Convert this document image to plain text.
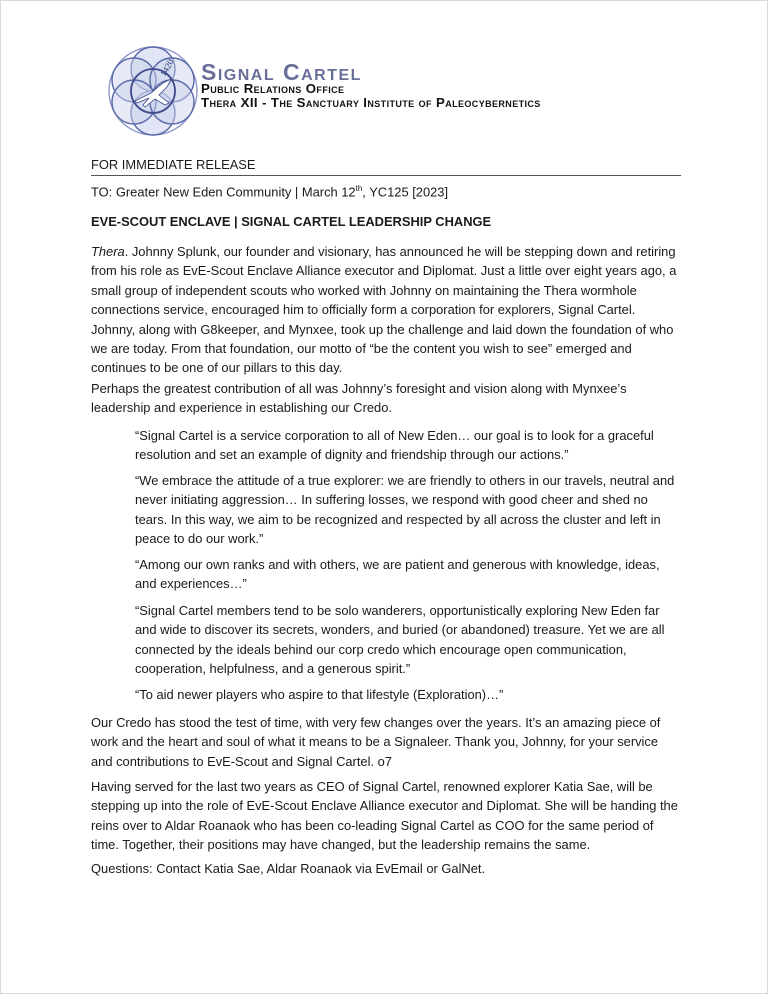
1420 Signal Cartel
Public Relations Office
Thera XII - The Sanctuary Institute of Paleocybernetics
FOR IMMEDIATE RELEASE
TO: Greater New Eden Community | March 12th, YC125 [2023]
EVE-SCOUT ENCLAVE | SIGNAL CARTEL LEADERSHIP CHANGE

Thera. Johnny Splunk, our founder and visionary, has announced he will be stepping down and retiring from his role as EvE-Scout Enclave Alliance executor and Diplomat. Just a little over eight years ago, a small group of independent scouts who worked with Johnny on maintaining the Thera wormhole connections service, encouraged him to officially form a corporation for explorers, Signal Cartel. Johnny, along with G8keeper, and Mynxee, took up the challenge and laid down the foundation of who we are today. From that foundation, our motto of “be the content you wish to see” emerged and continues to be one of our pillars to this day.

Perhaps the greatest contribution of all was Johnny’s foresight and vision along with Mynxee’s leadership and experience in establishing our Credo.

“Signal Cartel is a service corporation to all of New Eden… our goal is to look for a graceful resolution and set an example of dignity and friendship through our actions.”

“We embrace the attitude of a true explorer: we are friendly to others in our travels, neutral and never initiating aggression… In suffering losses, we respond with good cheer and shed no tears. In this way, we aim to be recognized and respected by all across the cluster and left in peace to do our work.”

“Among our own ranks and with others, we are patient and generous with knowledge, ideas, and experiences…”

“Signal Cartel members tend to be solo wanderers, opportunistically exploring New Eden far and wide to discover its secrets, wonders, and buried (or abandoned) treasure. Yet we are all connected by the ideals behind our corp credo which encourage open communication, cooperation, helpfulness, and a generous spirit.”

“To aid newer players who aspire to that lifestyle (Exploration)…”

Our Credo has stood the test of time, with very few changes over the years. It’s an amazing piece of work and the heart and soul of what it means to be a Signaleer. Thank you, Johnny, for your service and contributions to EvE-Scout and Signal Cartel. o7

Having served for the last two years as CEO of Signal Cartel, renowned explorer Katia Sae, will be stepping up into the role of EvE-Scout Enclave Alliance executor and Diplomat. She will be handing the reins over to Aldar Roanaok who has been co-leading Signal Cartel as COO for the same period of time. Together, their positions may have changed, but the leadership remains the same.

Questions: Contact Katia Sae, Aldar Roanaok via EvEmail or GalNet.
